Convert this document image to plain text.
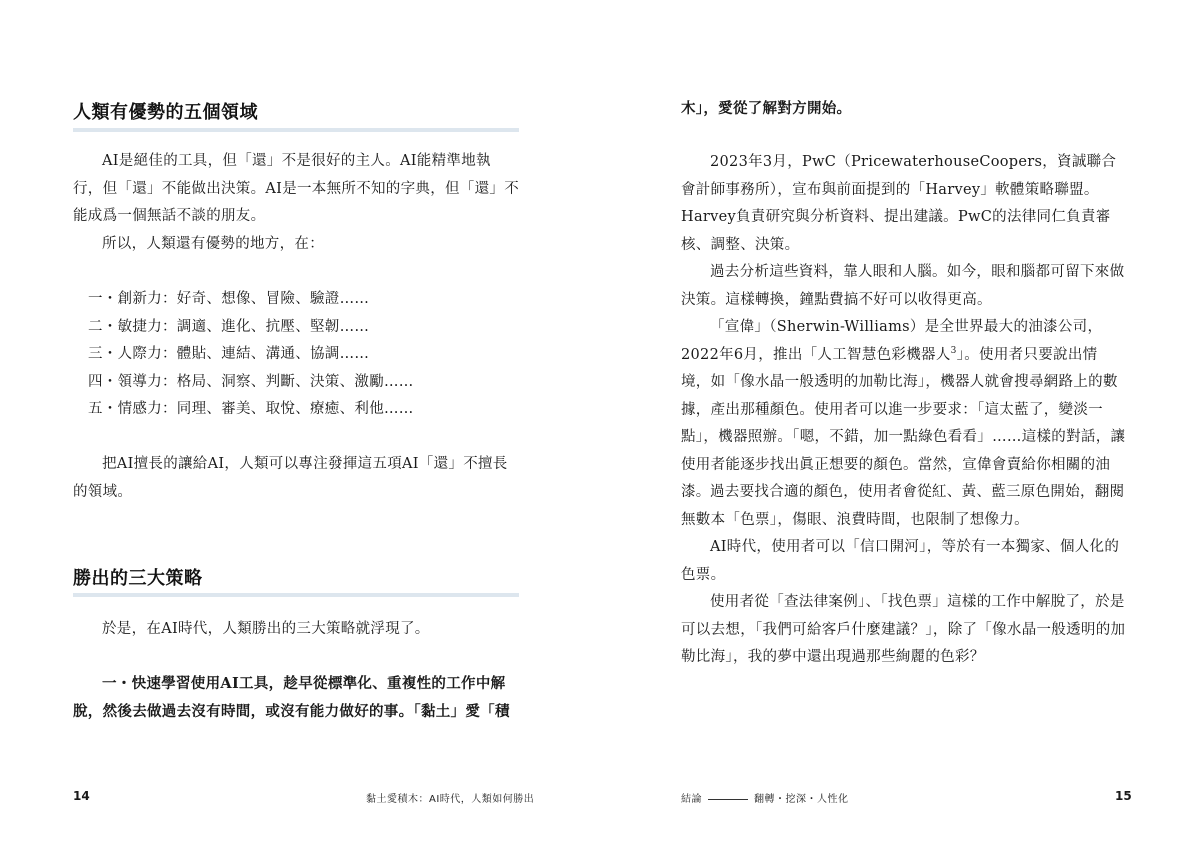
人類有優勢的五個領域

AI是絕佳的工具，但「還」不是很好的主人。AI能精準地執行，但「還」不能做出決策。AI是一本無所不知的字典，但「還」不能成爲一個無話不談的朋友。

所以，人類還有優勢的地方，在：

一・創新力：好奇、想像、冒險、驗證……
二・敏捷力：調適、進化、抗壓、堅韌……
三・人際力：體貼、連結、溝通、協調……
四・領導力：格局、洞察、判斷、決策、激勵……
五・情感力：同理、審美、取悅、療癒、利他……

把AI擅長的讓給AI，人類可以專注發揮這五項AI「還」不擅長的領域。

勝出的三大策略

於是，在AI時代，人類勝出的三大策略就浮現了。

一・快速學習使用AI工具，趁早從標準化、重複性的工作中解脫，然後去做過去沒有時間，或沒有能力做好的事。「黏土」愛「積

14	黏土愛積木：AI時代，人類如何勝出

木」，愛從了解對方開始。

2023年3月，PwC（PricewaterhouseCoopers，資誠聯合會計師事務所），宣布與前面提到的「Harvey」軟體策略聯盟。Harvey負責研究與分析資料、提出建議。PwC的法律同仁負責審核、調整、決策。

過去分析這些資料，靠人眼和人腦。如今，眼和腦都可留下來做決策。這樣轉換，鐘點費搞不好可以收得更高。

「宣偉」（Sherwin-Williams）是全世界最大的油漆公司，2022年6月，推出「人工智慧色彩機器人$^3$」。使用者只要說出情境，如「像水晶一般透明的加勒比海」，機器人就會搜尋網路上的數據，產出那種顏色。使用者可以進一步要求：「這太藍了，變淡一點」，機器照辦。「嗯，不錯，加一點綠色看看」……這樣的對話，讓使用者能逐步找出眞正想要的顏色。當然，宣偉會賣給你相關的油漆。 過去要找合適的顏色，使用者會從紅、黃、藍三原色開始，翻閱無數本「色票」，傷眼、浪費時間，也限制了想像力。

AI時代，使用者可以「信口開河」，等於有一本獨家、個人化的色票。

使用者從「查法律案例」、「找色票」這樣的工作中解脫了，於是可以去想，「我們可給客戶什麼建議？」，除了「像水晶一般透明的加勒比海」，我的夢中還出現過那些絢麗的色彩？

結論	翻轉・挖深・人性化	15
